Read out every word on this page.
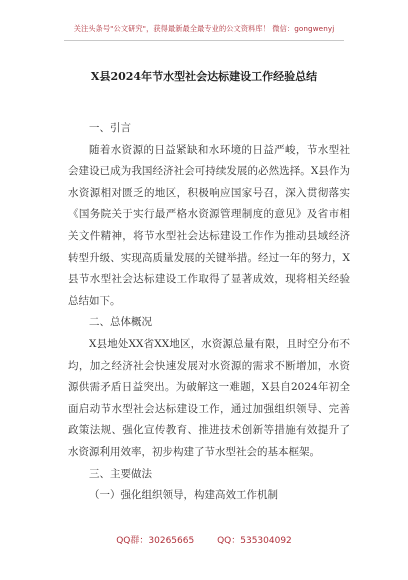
关注头条号"公文研究"，获得最新最全最专业的公文资料库！ 微信：gongwenyj
X县2024年节水型社会达标建设工作经验总结

一、引言

随着水资源的日益紧缺和水环境的日益严峻，节水型社会建设已成为我国经济社会可持续发展的必然选择。X县作为水资源相对匮乏的地区，积极响应国家号召，深入贯彻落实《国务院关于实行最严格水资源管理制度的意见》及省市相关文件精神，将节水型社会达标建设工作作为推动县域经济转型升级、实现高质量发展的关键举措。经过一年的努力，X县节水型社会达标建设工作取得了显著成效，现将相关经验总结如下。

二、总体概况

X县地处XX省XX地区，水资源总量有限，且时空分布不均，加之经济社会快速发展对水资源的需求不断增加，水资源供需矛盾日益突出。为破解这一难题，X县自2024年初全面启动节水型社会达标建设工作，通过加强组织领导、完善政策法规、强化宣传教育、推进技术创新等措施有效提升了水资源利用效率，初步构建了节水型社会的基本框架。

三、主要做法

（一）强化组织领导，构建高效工作机制

QQ群：30265665	QQ：535304092
